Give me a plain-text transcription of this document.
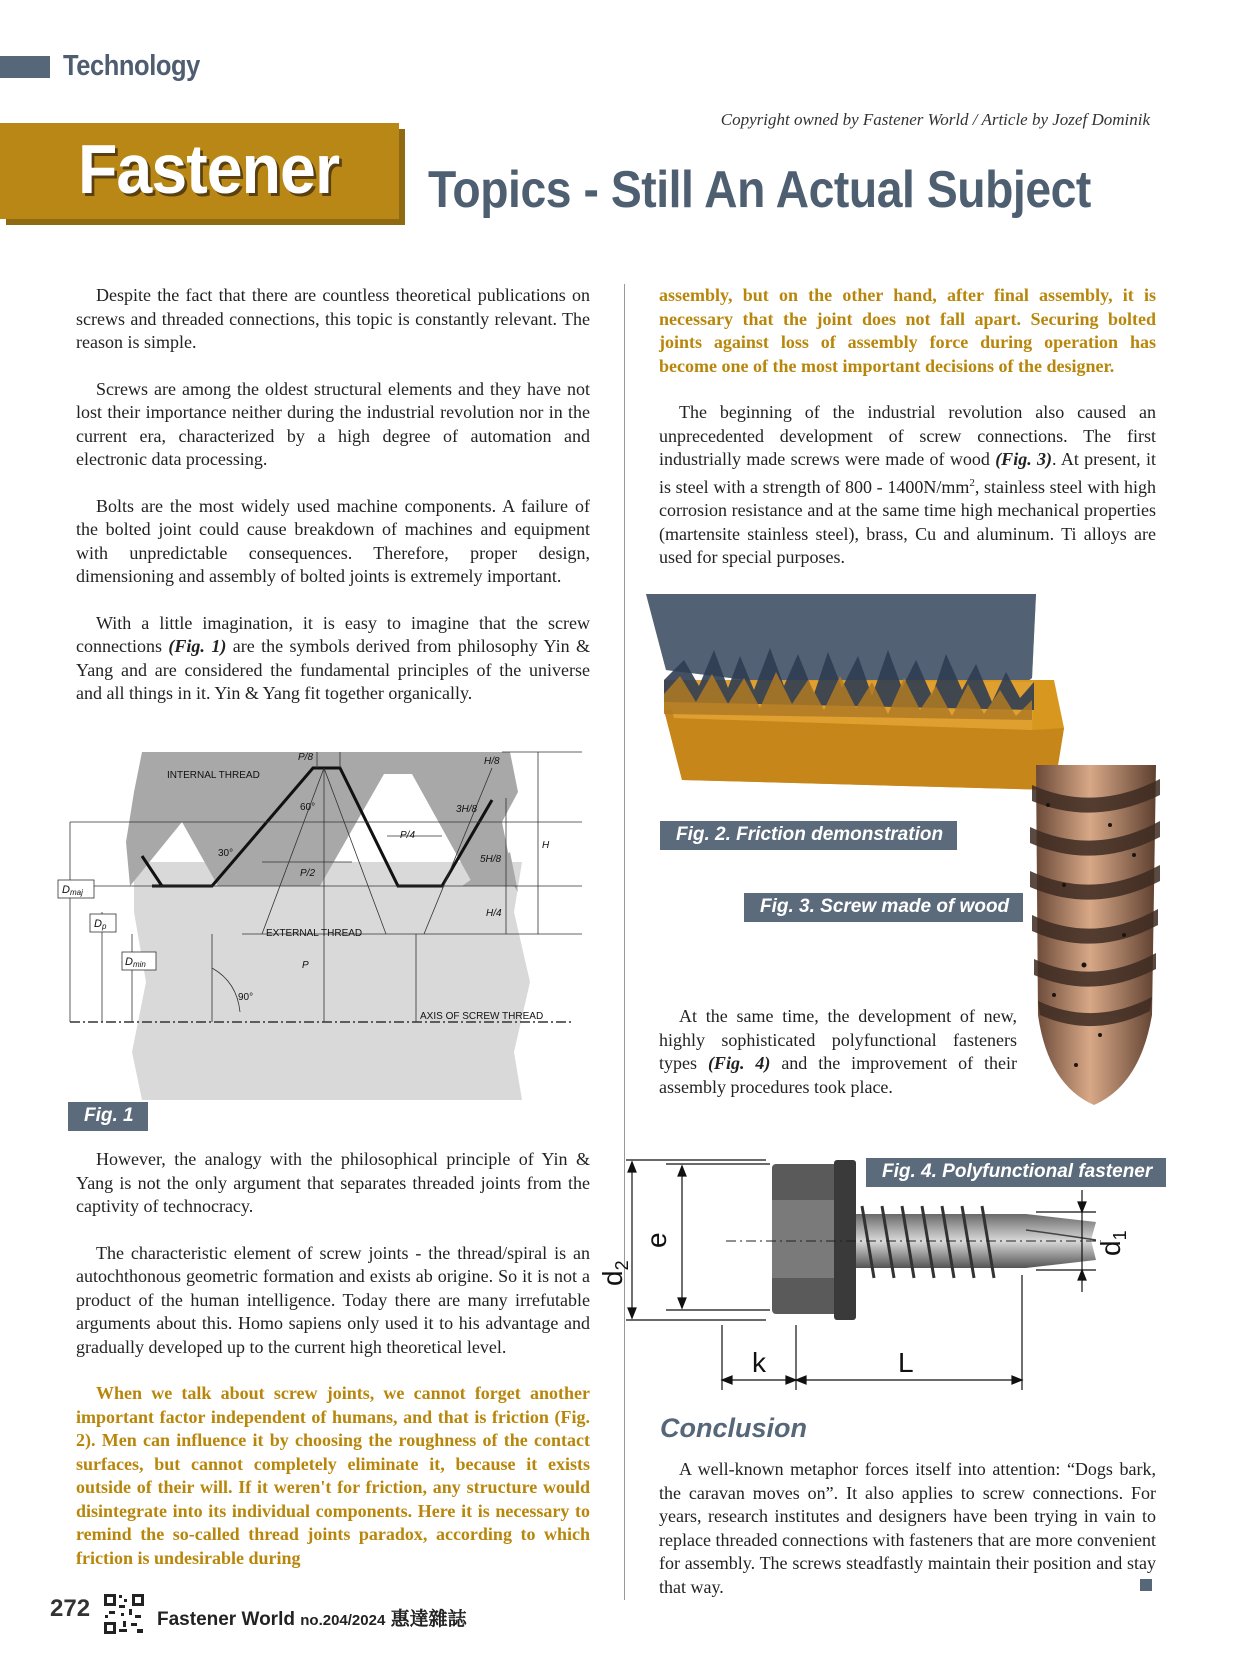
Technology
Copyright owned by Fastener World / Article by Jozef Dominik
Fastener Topics - Still An Actual Subject

Despite the fact that there are countless theoretical publications on screws and threaded connections, this topic is constantly relevant. The reason is simple.

Screws are among the oldest structural elements and they have not lost their importance neither during the industrial revolution nor in the current era, characterized by a high degree of automation and electronic data processing.

Bolts are the most widely used machine components. A failure of the bolted joint could cause breakdown of machines and equipment with unpredictable consequences. Therefore, proper design, dimensioning and assembly of bolted joints is extremely important.

With a little imagination, it is easy to imagine that the screw connections (Fig. 1) are the symbols derived from philosophy Yin & Yang and are considered the fundamental principles of the universe and all things in it. Yin & Yang fit together organically.

INTERNAL THREAD
EXTERNAL THREAD
AXIS OF SCREW THREAD
P/8
P/4
P/2
P
H/8
3H/8
5H/8
H/4
H
60°
30°
90°
Dmaj
Dp
Dmin
Fig. 1

However, the analogy with the philosophical principle of Yin & Yang is not the only argument that separates threaded joints from the captivity of technocracy.

The characteristic element of screw joints - the thread/spiral is an autochthonous geometric formation and exists ab origine. So it is not a product of the human intelligence. Today there are many irrefutable arguments about this. Homo sapiens only used it to his advantage and gradually developed up to the current high theoretical level.

When we talk about screw joints, we cannot forget another important factor independent of humans, and that is friction (Fig. 2). Men can influence it by choosing the roughness of the contact surfaces, but cannot completely eliminate it, because it exists outside of their will. If it weren't for friction, any structure would disintegrate into its individual components. Here it is necessary to remind the so-called thread joints paradox, according to which friction is undesirable during

assembly, but on the other hand, after final assembly, it is necessary that the joint does not fall apart. Securing bolted joints against loss of assembly force during operation has become one of the most important decisions of the designer.

The beginning of the industrial revolution also caused an unprecedented development of screw connections. The first industrially made screws were made of wood (Fig. 3). At present, it is steel with a strength of $800 - 1400N/mm^2$, stainless steel with high corrosion resistance and at the same time high mechanical properties (martensite stainless steel), brass, Cu and aluminum. Ti alloys are used for special purposes.

Fig. 2. Friction demonstration
Fig. 3. Screw made of wood

At the same time, the development of new, highly sophisticated polyfunctional fasteners types (Fig. 4) and the improvement of their assembly procedures took place.

$d_2$
e
$d_1$
k	L
Fig. 4. Polyfunctional fastener
Conclusion

A well-known metaphor forces itself into attention: “Dogs bark, the caravan moves on”. It also applies to screw connections. For years, research institutes and designers have been trying in vain to replace threaded connections with fasteners that are more convenient for assembly. The screws steadfastly maintain their position and stay that way.

272	Fastener World no.204/2024 惠達雜誌
